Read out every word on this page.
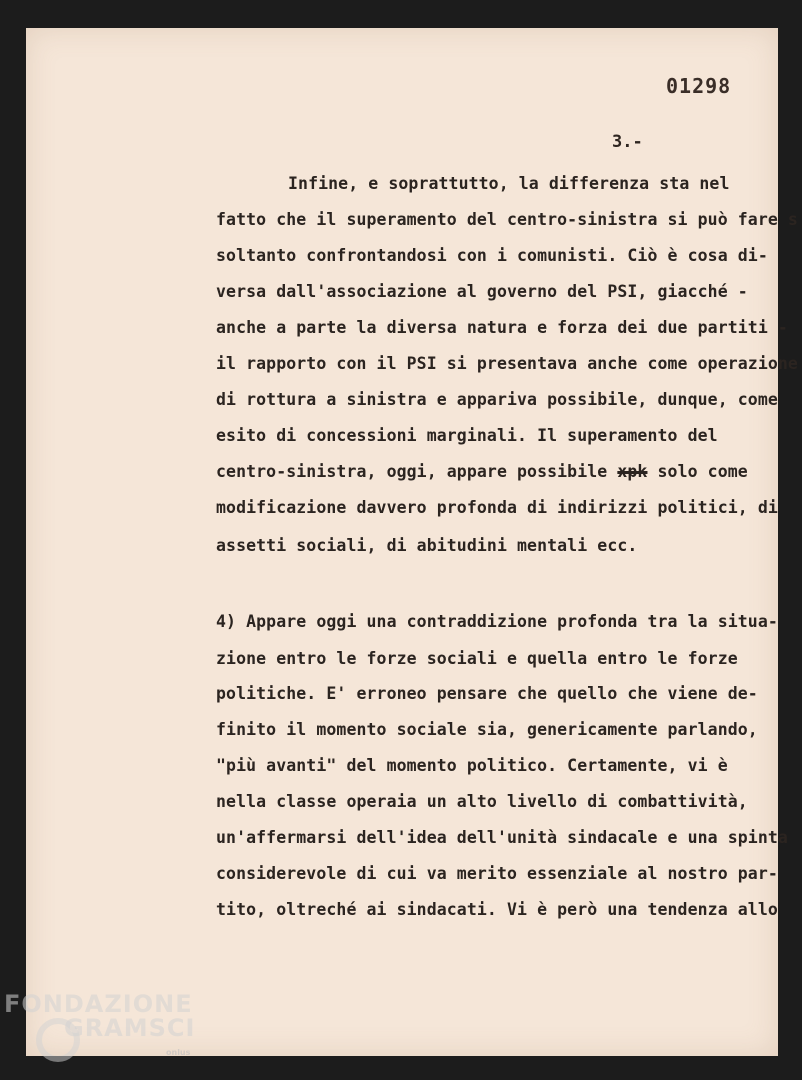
01298
3.-
Infine, e soprattutto, la differenza sta nel
fatto che il superamento del centro-sinistra si può fare s
soltanto confrontandosi con i comunisti. Ciò è cosa di-
versa dall'associazione al governo del PSI, giacché -
anche a parte la diversa natura e forza dei due partiti -
il rapporto con il PSI si presentava anche come operazione
di rottura a sinistra e appariva possibile, dunque, come
esito di concessioni marginali. Il superamento del
centro-sinistra, oggi, appare possibile xpk solo come
modificazione davvero profonda di indirizzi politici, di
assetti sociali, di abitudini mentali ecc.
4) Appare oggi una contraddizione profonda tra la situa-
zione entro le forze sociali e quella entro le forze
politiche. E' erroneo pensare che quello che viene de-
finito il momento sociale sia, genericamente parlando,
"più avanti" del momento politico. Certamente, vi è
nella classe operaia un alto livello di combattività,
un'affermarsi dell'idea dell'unità sindacale e una spinta
considerevole di cui va merito essenziale al nostro par-
tito, oltreché ai sindacati. Vi è però una tendenza allo
FONDAZIONE
GRAMSCI
onlus
